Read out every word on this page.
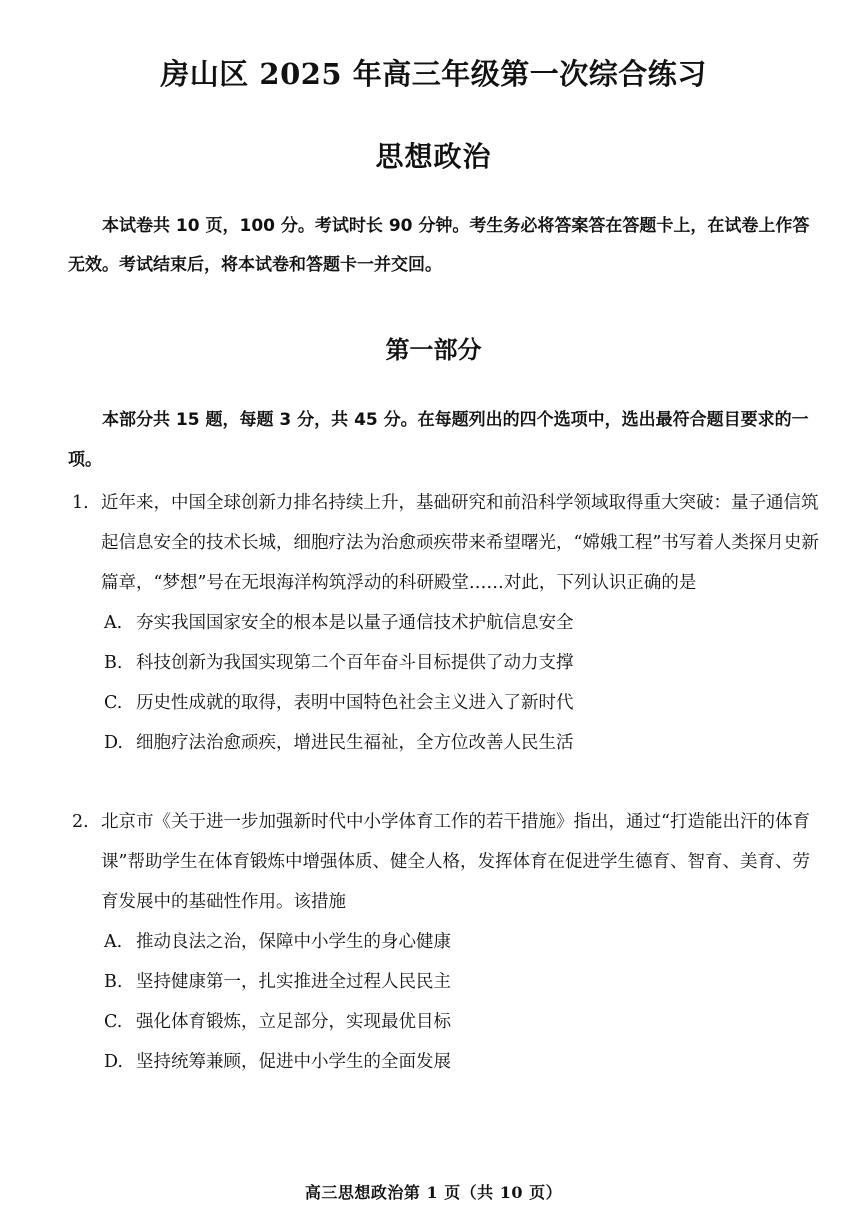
房山区 2025 年高三年级第一次综合练习
思想政治
本试卷共 10 页，100 分。考试时长 90 分钟。考生务必将答案答在答题卡上，在试卷上作答无效。考试结束后，将本试卷和答题卡一并交回。
第一部分
本部分共 15 题，每题 3 分，共 45 分。在每题列出的四个选项中，选出最符合题目要求的一项。
1. 近年来，中国全球创新力排名持续上升，基础研究和前沿科学领域取得重大突破：量子通信筑起信息安全的技术长城，细胞疗法为治愈顽疾带来希望曙光，“嫦娥工程”书写着人类探月史新篇章，“梦想”号在无垠海洋构筑浮动的科研殿堂……对此，下列认识正确的是
A. 夯实我国国家安全的根本是以量子通信技术护航信息安全
B. 科技创新为我国实现第二个百年奋斗目标提供了动力支撑
C. 历史性成就的取得，表明中国特色社会主义进入了新时代
D. 细胞疗法治愈顽疾，增进民生福祉，全方位改善人民生活
2. 北京市《关于进一步加强新时代中小学体育工作的若干措施》指出，通过“打造能出汗的体育课”帮助学生在体育锻炼中增强体质、健全人格，发挥体育在促进学生德育、智育、美育、劳育发展中的基础性作用。该措施
A. 推动良法之治，保障中小学生的身心健康
B. 坚持健康第一，扎实推进全过程人民民主
C. 强化体育锻炼，立足部分，实现最优目标
D. 坚持统筹兼顾，促进中小学生的全面发展
高三思想政治第 1 页（共 10 页）
